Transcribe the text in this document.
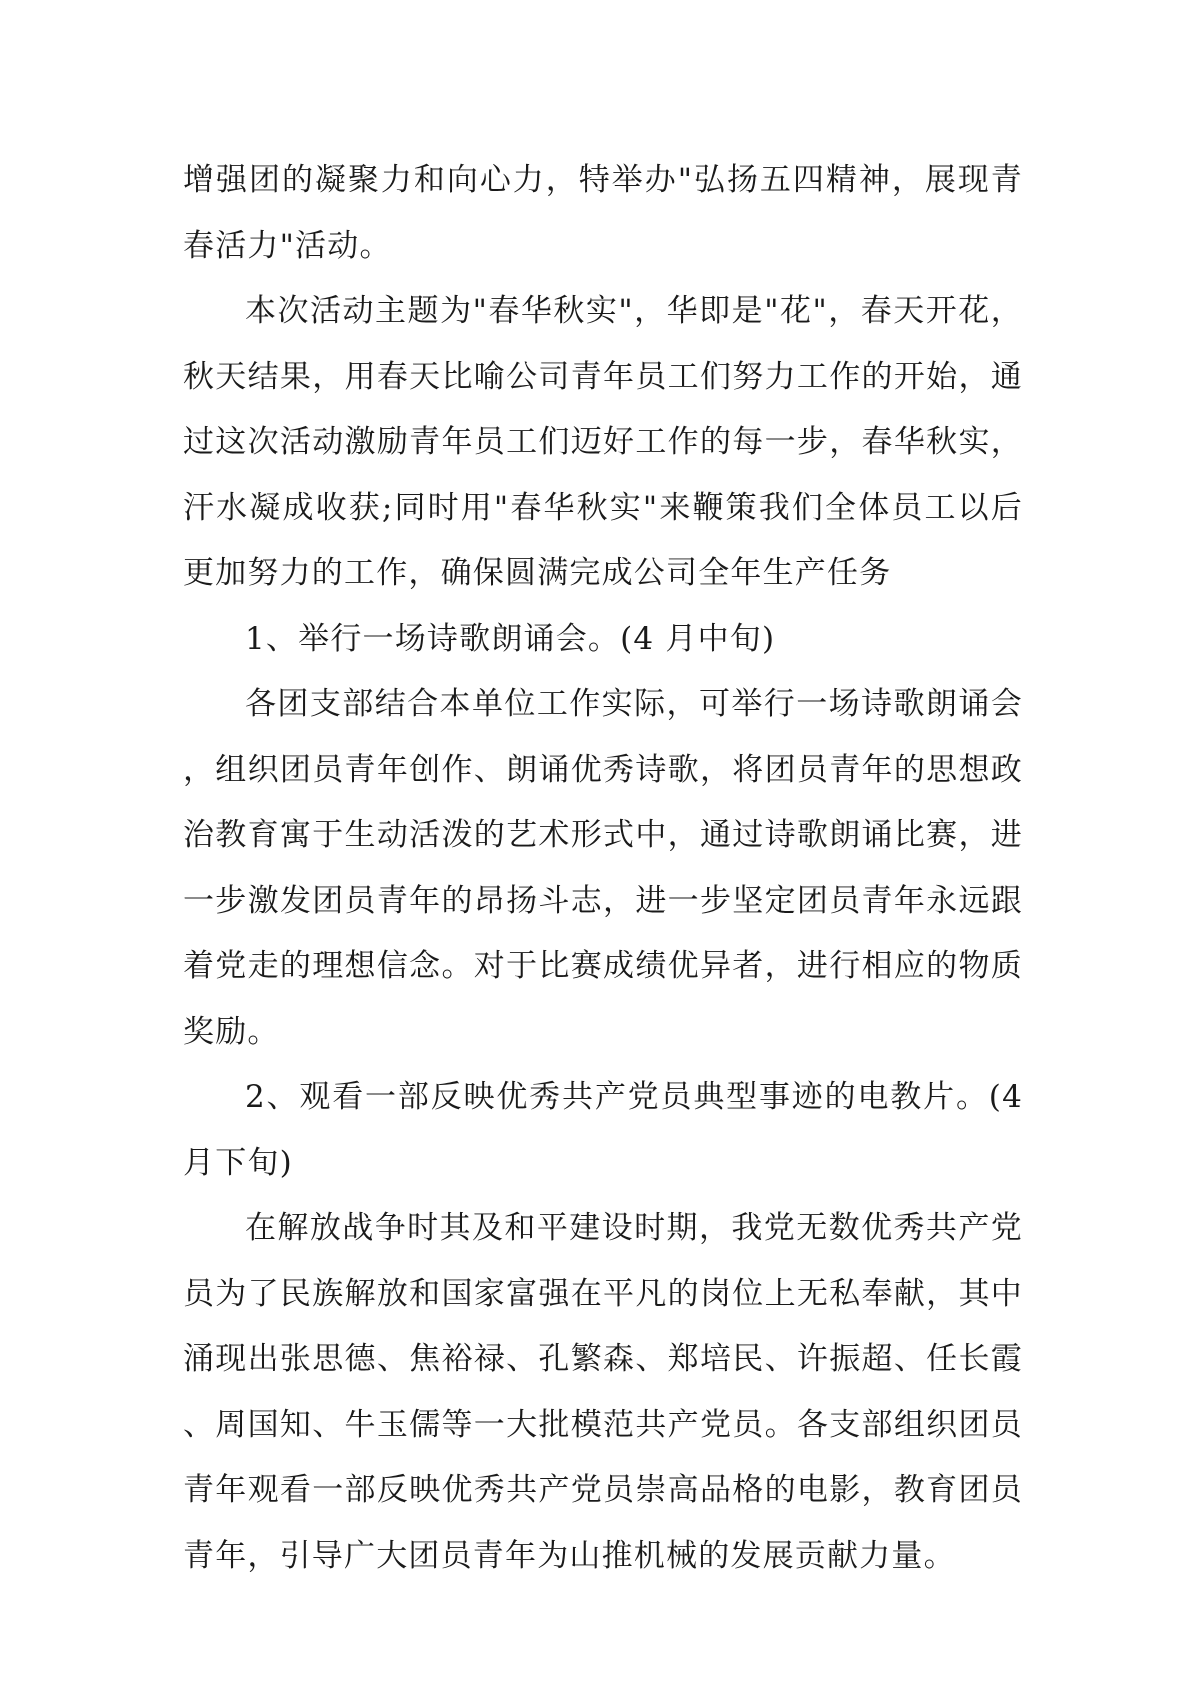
增强团的凝聚力和向心力，特举办"弘扬五四精神，展现青春活力"活动。

本次活动主题为"春华秋实"，华即是"花"，春天开花，秋天结果，用春天比喻公司青年员工们努力工作的开始，通过这次活动激励青年员工们迈好工作的每一步，春华秋实，汗水凝成收获;同时用"春华秋实"来鞭策我们全体员工以后更加努力的工作，确保圆满完成公司全年生产任务

1、举行一场诗歌朗诵会。(4 月中旬)

各团支部结合本单位工作实际，可举行一场诗歌朗诵会，组织团员青年创作、朗诵优秀诗歌，将团员青年的思想政治教育寓于生动活泼的艺术形式中，通过诗歌朗诵比赛，进一步激发团员青年的昂扬斗志，进一步坚定团员青年永远跟着党走的理想信念。对于比赛成绩优异者，进行相应的物质奖励。

2、观看一部反映优秀共产党员典型事迹的电教片。(4 月下旬)

在解放战争时其及和平建设时期，我党无数优秀共产党员为了民族解放和国家富强在平凡的岗位上无私奉献，其中涌现出张思德、焦裕禄、孔繁森、郑培民、许振超、任长霞、周国知、牛玉儒等一大批模范共产党员。各支部组织团员青年观看一部反映优秀共产党员崇高品格的电影，教育团员青年，引导广大团员青年为山推机械的发展贡献力量。
